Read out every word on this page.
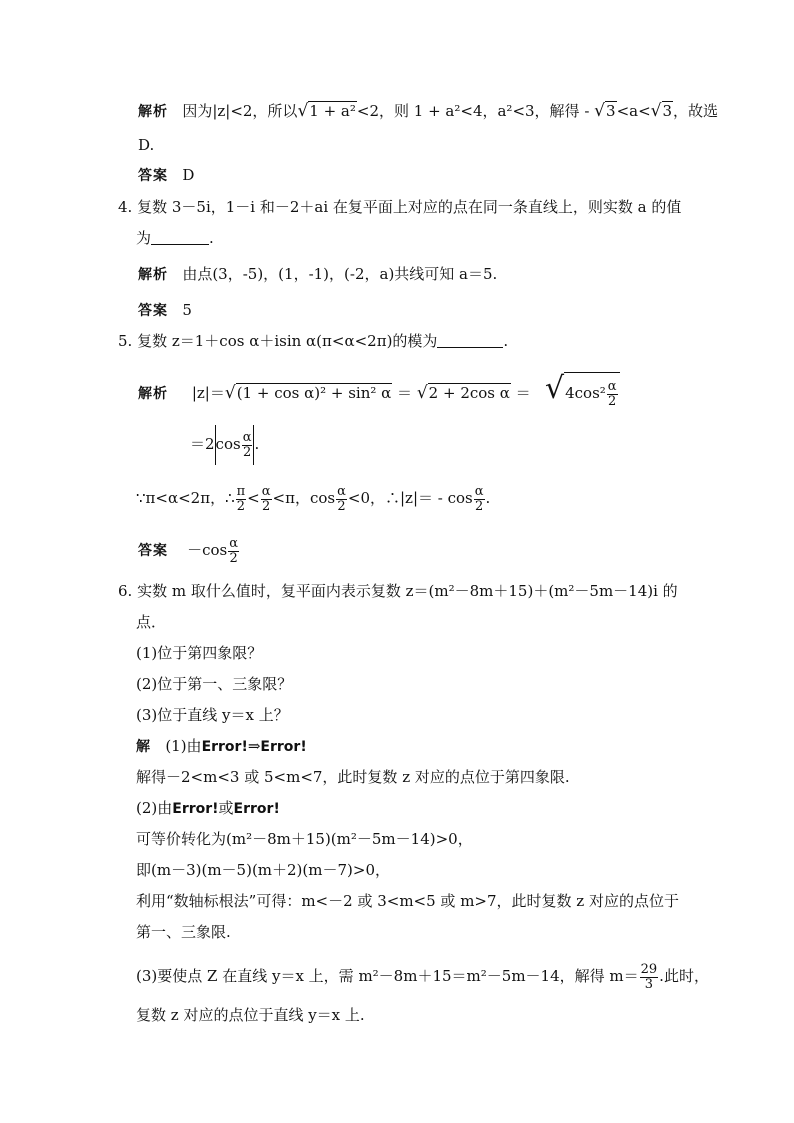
解析 因为|z|<2，所以√1 + a²<2，则 1 + a²<4，a²<3，解得 - √3<a<√3，故选
D.
答案 D
4. 复数 3－5i，1－i 和－2＋ai 在复平面上对应的点在同一条直线上，则实数 a 的值
为	.
解析 由点(3，-5)，(1，-1)，(-2，a)共线可知 a＝5.
答案 5
5. 复数 z＝1＋cos α＋isin α(π<α<2π)的模为	.
解析 |z|＝√(1 + cos α)² + sin² α ＝ √2 + 2cos $\alpha = √4\cos^2 \frac{\alpha}{2}$
$=2\cos \frac{\alpha}{2}$ .
∵π<α<2π，∴ $\frac{\pi}{2} < \frac{\alpha}{2} <\pi$，$\cos \frac{\alpha}{2} <0$，∴|z|＝ - $\cos \frac{\alpha}{2}$ .
答案 $-\cos \frac{\alpha}{2}$
6. 实数 m 取什么值时，复平面内表示复数 z＝(m²－8m＋15)＋(m²－5m－14)i 的
点．
(1)位于第四象限？
(2)位于第一、三象限？
(3)位于直线 y＝x 上？
解 (1)由Error!⇒Error!
解得－2<m<3 或 5<m<7，此时复数 z 对应的点位于第四象限.
(2)由Error!或Error!
可等价转化为(m²－8m＋15)(m²－5m－14)>0，
即(m－3)(m－5)(m＋2)(m－7)>0，
利用“数轴标根法”可得：m<－2 或 3<m<5 或 m>7，此时复数 z 对应的点位于
第一、三象限.
(3)要使点 Z 在直线 y＝x 上，需 m²－8m＋15＝m²－5m－14，解得 $m= \frac{29}{3}$ .此时，
复数 z 对应的点位于直线 y＝x 上.
